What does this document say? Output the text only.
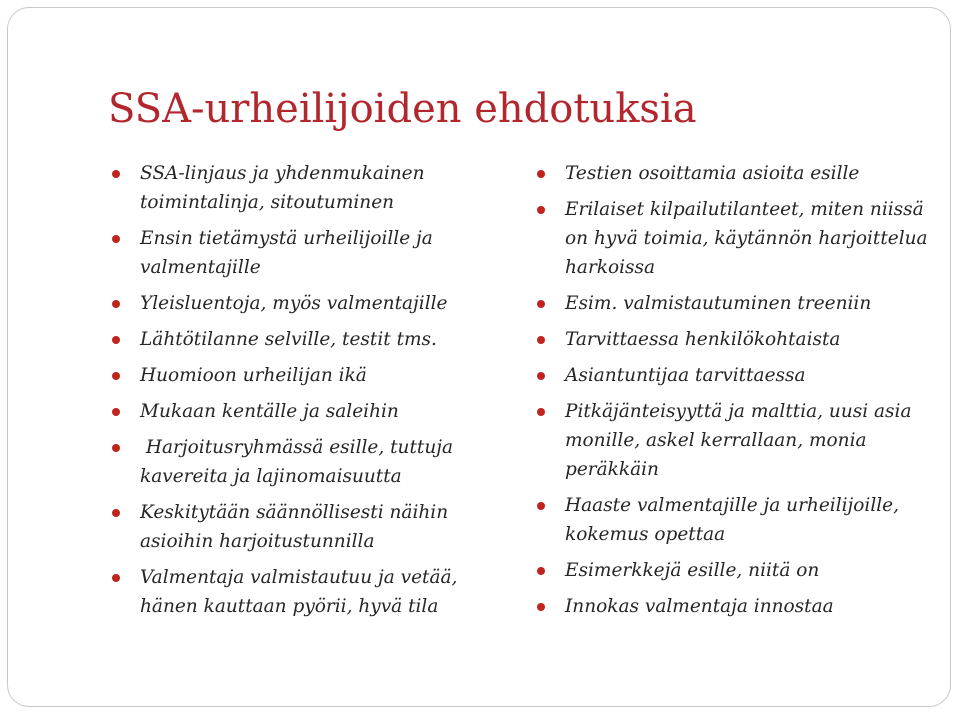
SSA-urheilijoiden ehdotuksia
SSA-linjaus ja yhdenmukainen toimintalinja, sitoutuminen
Ensin tietämystä urheilijoille ja valmentajille
Yleisluentoja, myös valmentajille
Lähtötilanne selville, testit tms.
Huomioon urheilijan ikä
Mukaan kentälle ja saleihin
Harjoitusryhmässä esille, tuttuja kavereita ja lajinomaisuutta
Keskitytään säännöllisesti näihin asioihin harjoitustunnilla
Valmentaja valmistautuu ja vetää, hänen kauttaan pyörii, hyvä tila
Testien osoittamia asioita esille
Erilaiset kilpailutilanteet, miten niissä on hyvä toimia, käytännön harjoittelua harkoissa
Esim. valmistautuminen treeniin
Tarvittaessa henkilökohtaista
Asiantuntijaa tarvittaessa
Pitkäjänteisyyttä ja malttia, uusi asia monille, askel kerrallaan, monia peräkkäin
Haaste valmentajille ja urheilijoille, kokemus opettaa
Esimerkkejä esille, niitä on
Innokas valmentaja innostaa
